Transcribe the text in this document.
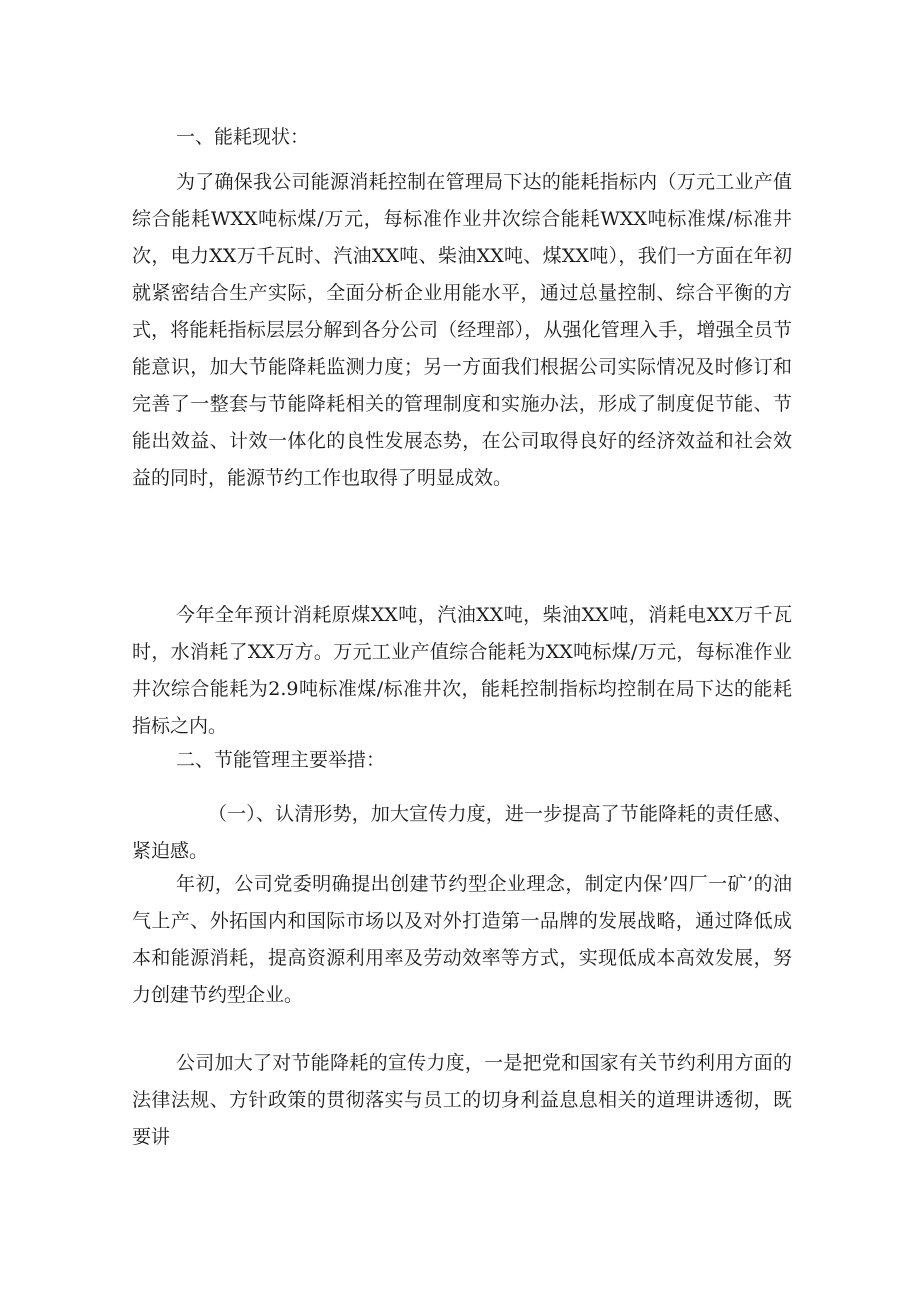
一、能耗现状：

为了确保我公司能源消耗控制在管理局下达的能耗指标内（万元工业产值综合能耗WXX吨标煤/万元，每标准作业井次综合能耗WXX吨标准煤/标准井次，电力XX万千瓦时、汽油XX吨、柴油XX吨、煤XX吨），我们一方面在年初就紧密结合生产实际，全面分析企业用能水平，通过总量控制、综合平衡的方式，将能耗指标层层分解到各分公司（经理部），从强化管理入手，增强全员节能意识，加大节能降耗监测力度；另一方面我们根据公司实际情况及时修订和完善了一整套与节能降耗相关的管理制度和实施办法，形成了制度促节能、节能出效益、计效一体化的良性发展态势，在公司取得良好的经济效益和社会效益的同时，能源节约工作也取得了明显成效。

今年全年预计消耗原煤XX吨，汽油XX吨，柴油XX吨，消耗电XX万千瓦时，水消耗了XX万方。万元工业产值综合能耗为XX吨标煤/万元，每标准作业井次综合能耗为2.9吨标准煤/标准井次，能耗控制指标均控制在局下达的能耗指标之内。

二、节能管理主要举措：

（一）、认清形势，加大宣传力度，进一步提高了节能降耗的责任感、紧迫感。

年初，公司党委明确提出创建节约型企业理念，制定内保’四厂一矿’的油气上产、外拓国内和国际市场以及对外打造第一品牌的发展战略，通过降低成本和能源消耗，提高资源利用率及劳动效率等方式，实现低成本高效发展，努力创建节约型企业。

公司加大了对节能降耗的宣传力度，一是把党和国家有关节约利用方面的法律法规、方针政策的贯彻落实与员工的切身利益息息相关的道理讲透彻，既要讲
